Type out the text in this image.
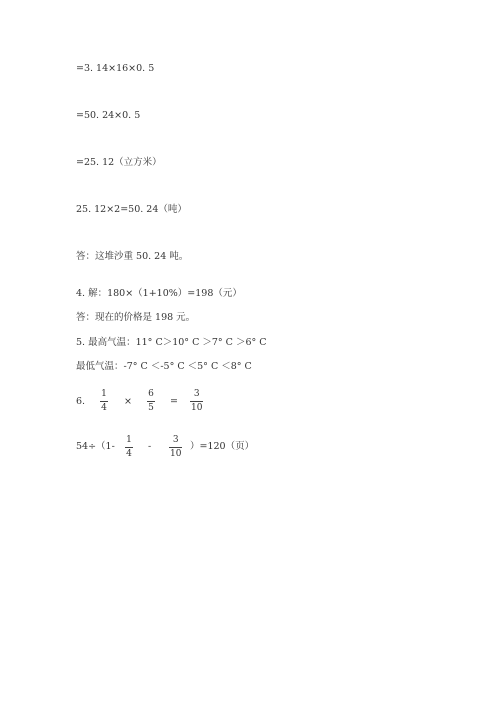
=3. 14×16×0. 5
=50. 24×0. 5
=25. 12（立方米）
25. 12×2=50. 24（吨）
答：这堆沙重 50. 24 吨。
4. 解：180×（1+10%）=198（元）
答：现在的价格是 198 元。
5. 最高气温：11° C＞10° C ＞7° C ＞6° C
最低气温：-7° C ＜-5° C ＜5° C ＜8° C
6.
1
4
×
6
5
=
3
10
54÷（1-
1
4
-
3
10
）=120（页）
